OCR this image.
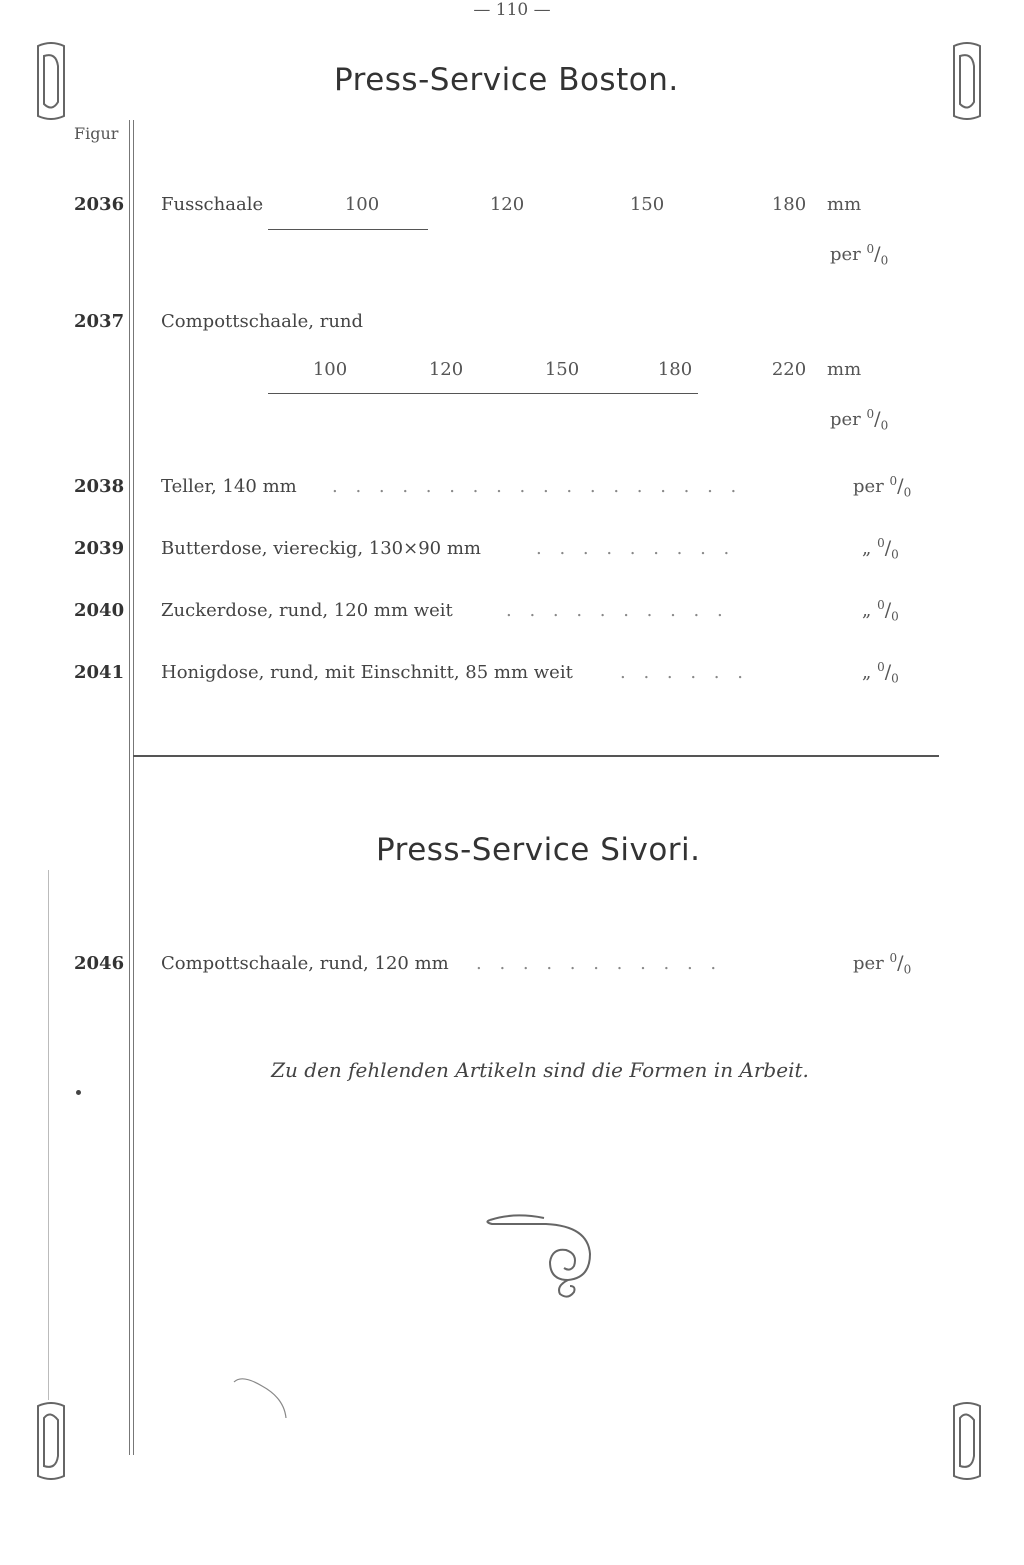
— 110 —
Press-Service Boston.
Figur
2036 Fusschaale	100	120	150	180	mm
per $^0/_0$
2037 Compottschaale, rund
100	120	150	180	220	mm
per $^0/_0$
2038 Teller, 140 mm . . . . . . . . . . . . . . . . . .	per $^0/_0$
2039 Butterdose, viereckig, 130×90 mm	. . . . . . . . .	„ $^0/_0$
2040 Zuckerdose, rund, 120 mm weit	. . . . . . . . . .	„ $^0/_0$
2041 Honigdose, rund, mit Einschnitt, 85 mm weit	. . . . . .	„ $^0/_0$
Press-Service Sivori.
2046 Compottschaale, rund, 120 mm . . . . . . . . . . .	per $^0/_0$
Zu den fehlenden Artikeln sind die Formen in Arbeit.
